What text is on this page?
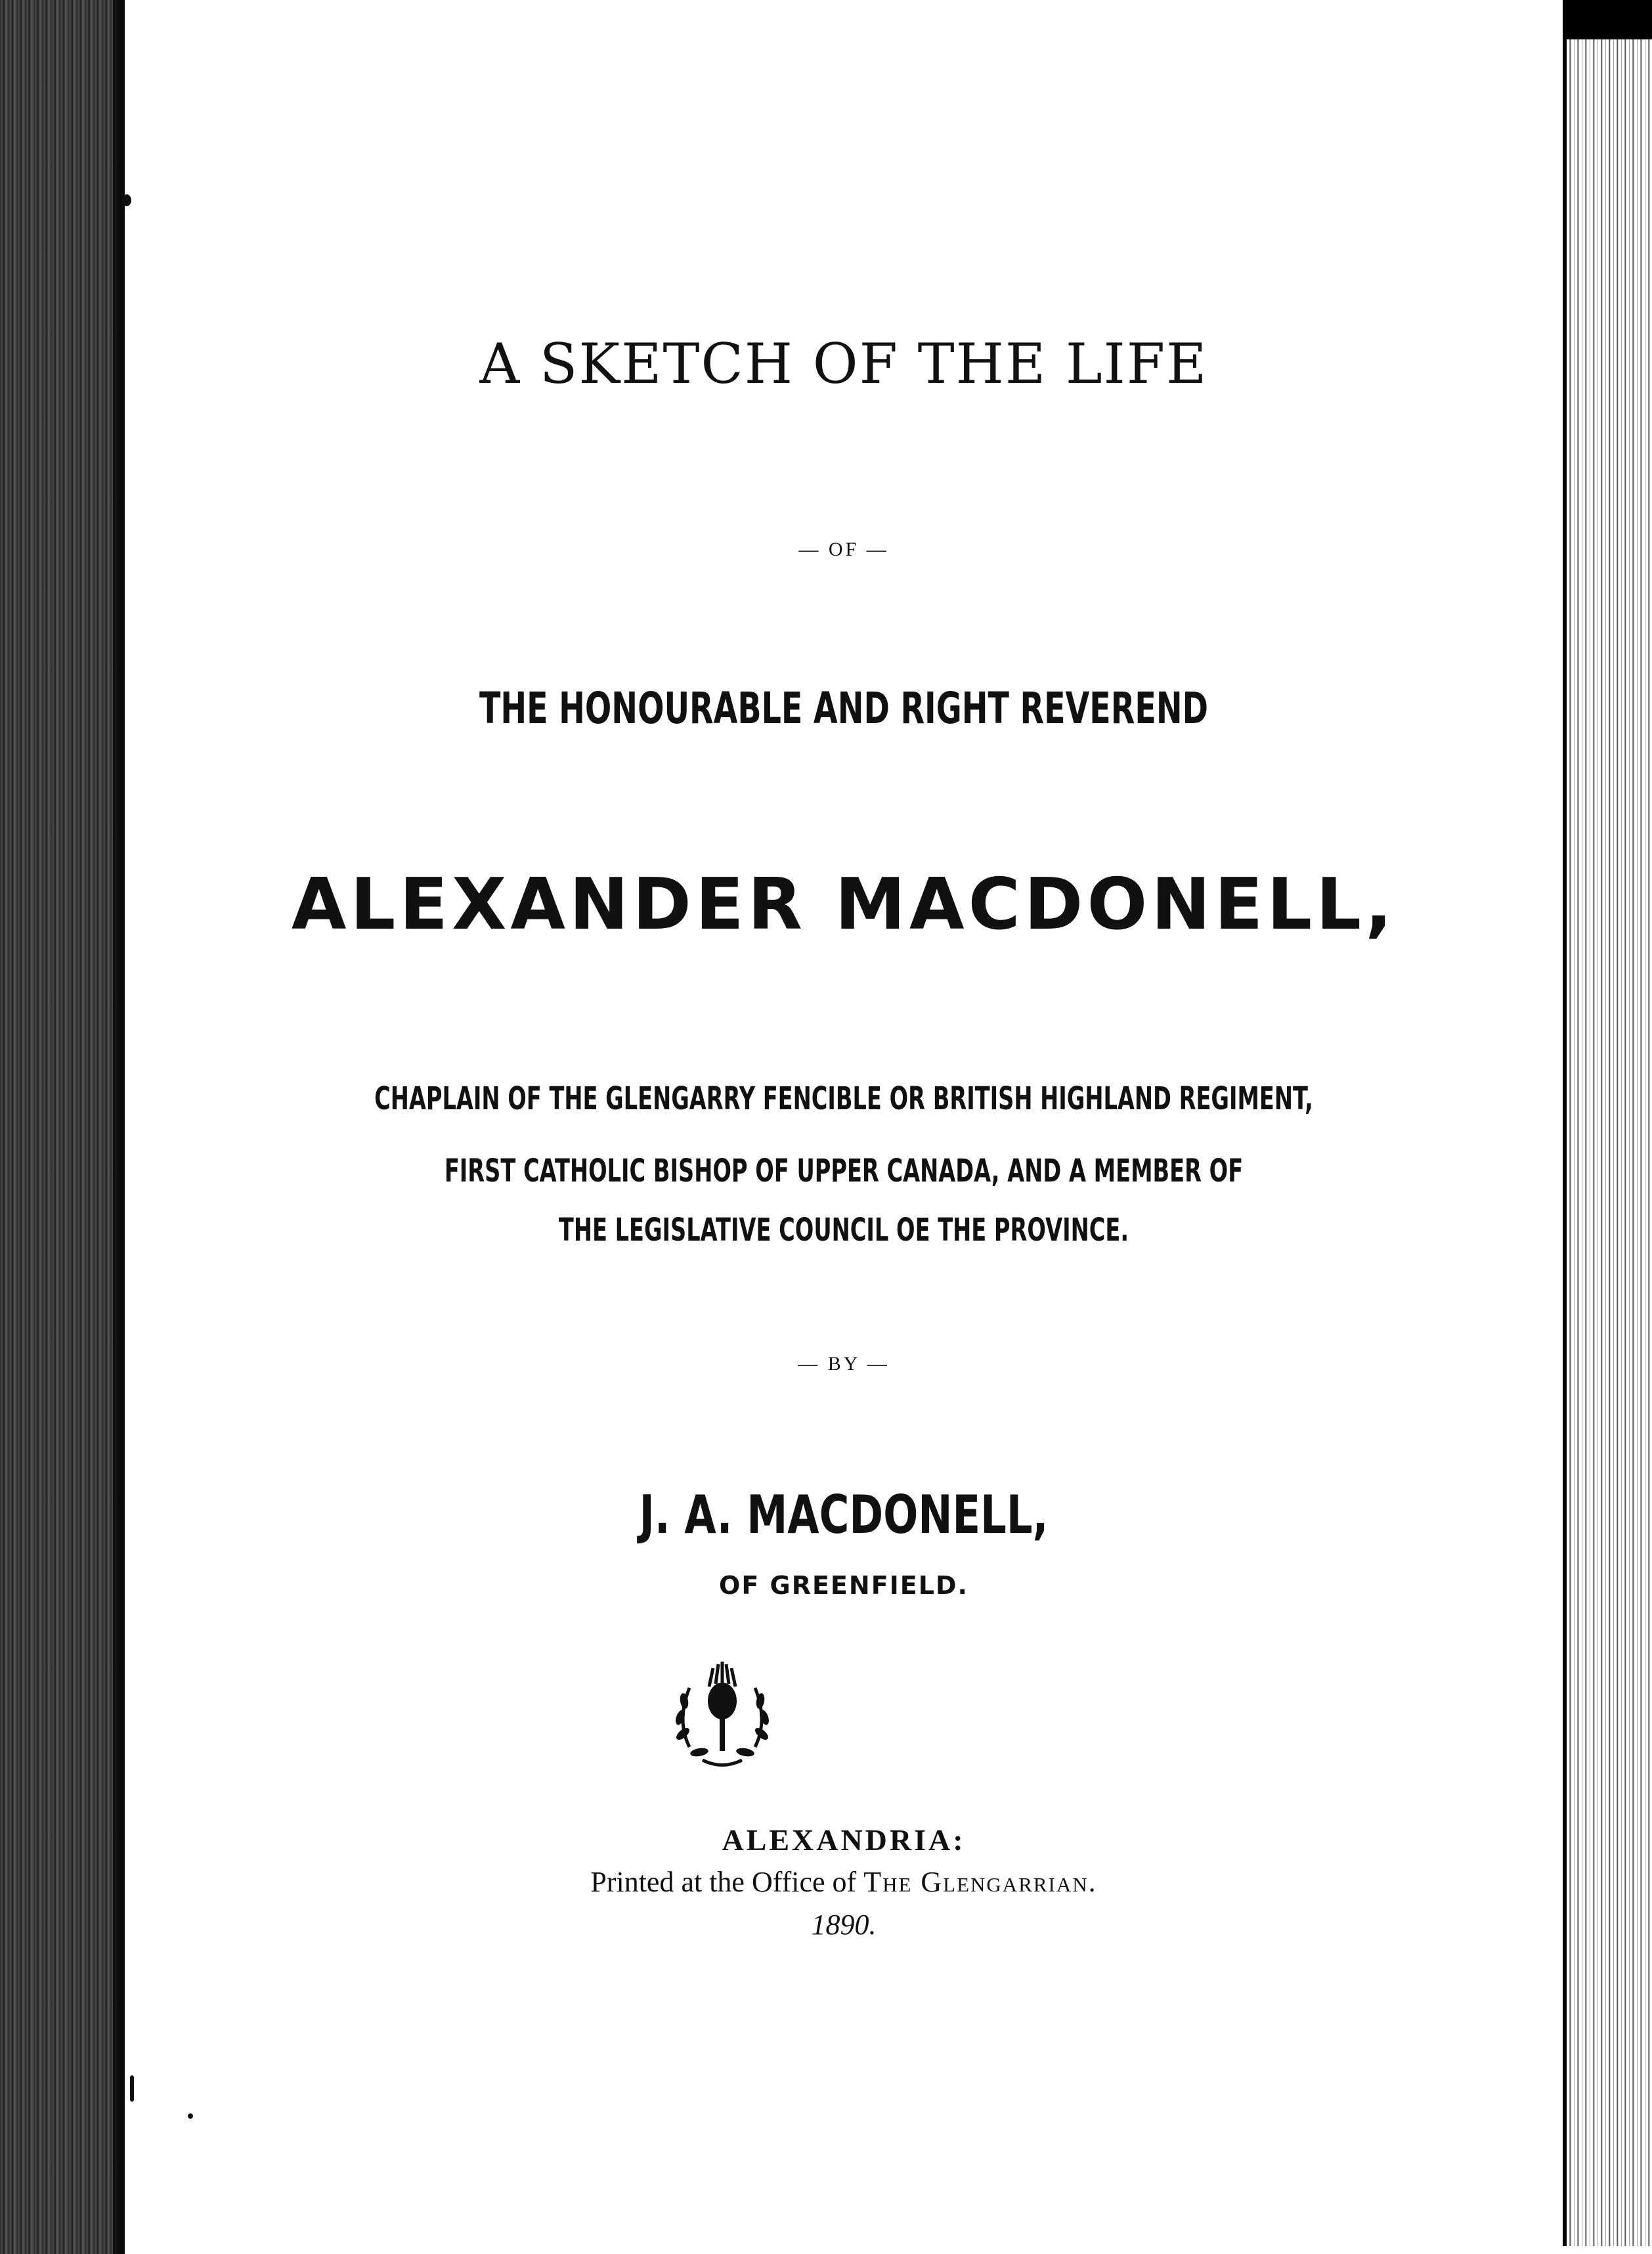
A SKETCH OF THE LIFE
— OF —
THE HONOURABLE AND RIGHT REVEREND
ALEXANDER MACDONELL,
CHAPLAIN OF THE GLENGARRY FENCIBLE OR BRITISH HIGHLAND REGIMENT,
FIRST CATHOLIC BISHOP OF UPPER CANADA, AND A MEMBER OF
THE LEGISLATIVE COUNCIL OE THE PROVINCE.
— BY —
J. A. MACDONELL,
OF GREENFIELD.
ALEXANDRIA:
Printed at the Office of The Glengarrian.
1890.
